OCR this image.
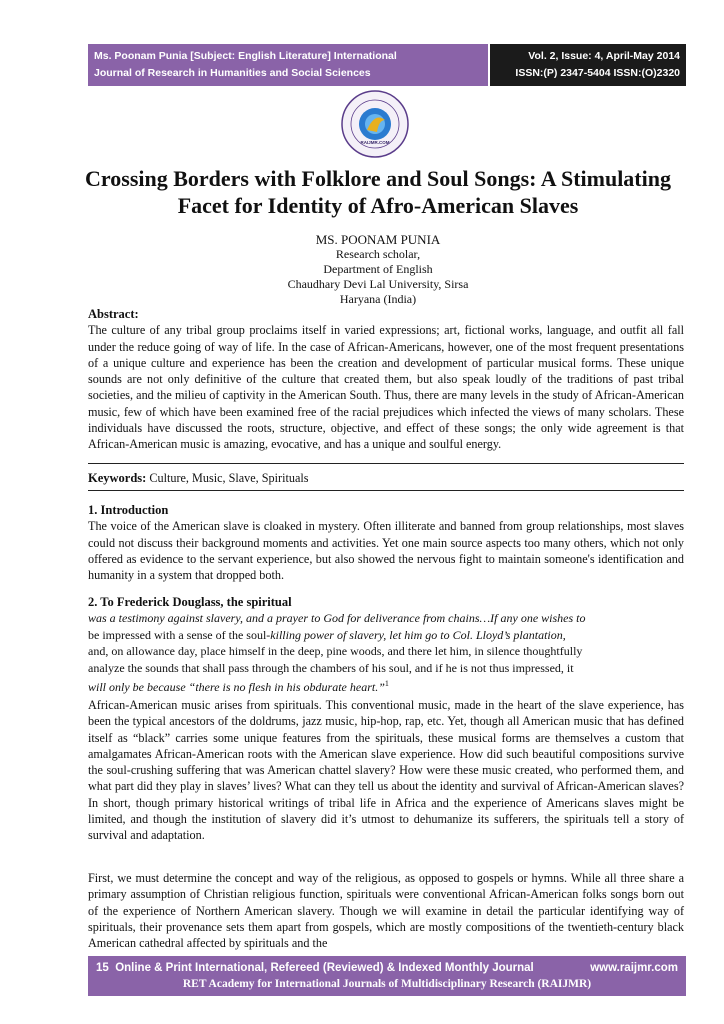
Ms. Poonam Punia [Subject: English Literature] International
Journal of Research in Humanities and Social Sciences
Vol. 2, Issue: 4, April-May 2014
ISSN:(P) 2347-5404 ISSN:(O)2320 771X
RAIJMR.COM
Crossing Borders with Folklore and Soul Songs: A Stimulating Facet for Identity of Afro-American Slaves
MS. POONAM PUNIA
Research scholar,
Department of English
Chaudhary Devi Lal University, Sirsa
Haryana (India)
Abstract:
The culture of any tribal group proclaims itself in varied expressions; art, fictional works, language, and outfit all fall under the reduce going of way of life. In the case of African-Americans, however, one of the most frequent presentations of a unique culture and experience has been the creation and development of particular musical forms. These unique sounds are not only definitive of the culture that created them, but also speak loudly of the traditions of past tribal societies, and the milieu of captivity in the American South. Thus, there are many levels in the study of African-American music, few of which have been examined free of the racial prejudices which infected the views of many scholars. These individuals have discussed the roots, structure, objective, and effect of these songs; the only wide agreement is that African-American music is amazing, evocative, and has a unique and soulful energy.
Keywords: Culture, Music, Slave, Spirituals
1. Introduction
The voice of the American slave is cloaked in mystery. Often illiterate and banned from group relationships, most slaves could not discuss their background moments and activities. Yet one main source aspects too many others, which not only offered as evidence to the servant experience, but also showed the nervous fight to maintain someone's identification and humanity in a system that dropped both.
2. To Frederick Douglass, the spiritual
was a testimony against slavery, and a prayer to God for deliverance from chains…If any one wishes to
be impressed with a sense of the soul-killing power of slavery, let him go to Col. Lloyd’s plantation,
and, on allowance day, place himself in the deep, pine woods, and there let him, in silence thoughtfully
analyze the sounds that shall pass through the chambers of his soul, and if he is not thus impressed, it
will only be because “there is no flesh in his obdurate heart.”$^1$
African-American music arises from spirituals. This conventional music, made in the heart of the slave experience, has been the typical ancestors of the doldrums, jazz music, hip-hop, rap, etc. Yet, though all American music that has defined itself as “black” carries some unique features from the spirituals, these musical forms are themselves a custom that amalgamates African-American roots with the American slave experience. How did such beautiful compositions survive the soul-crushing suffering that was American chattel slavery? How were these music created, who performed them, and what part did they play in slaves’ lives? What can they tell us about the identity and survival of African-American slaves? In short, though primary historical writings of tribal life in Africa and the experience of Americans slaves might be limited, and though the institution of slavery did it’s utmost to dehumanize its sufferers, the spirituals tell a story of survival and adaptation.
First, we must determine the concept and way of the religious, as opposed to gospels or hymns. While all three share a primary assumption of Christian religious function, spirituals were conventional African-American folks songs born out of the experience of Northern American slavery. Though we will examine in detail the particular identifying way of spirituals, their provenance sets them apart from gospels, which are mostly compositions of the twentieth-century black American cathedral affected by spirituals and the
15 Online & Print International, Refereed (Reviewed) & Indexed Monthly Journal	www.raijmr.com
RET Academy for International Journals of Multidisciplinary Research (RAIJMR)
